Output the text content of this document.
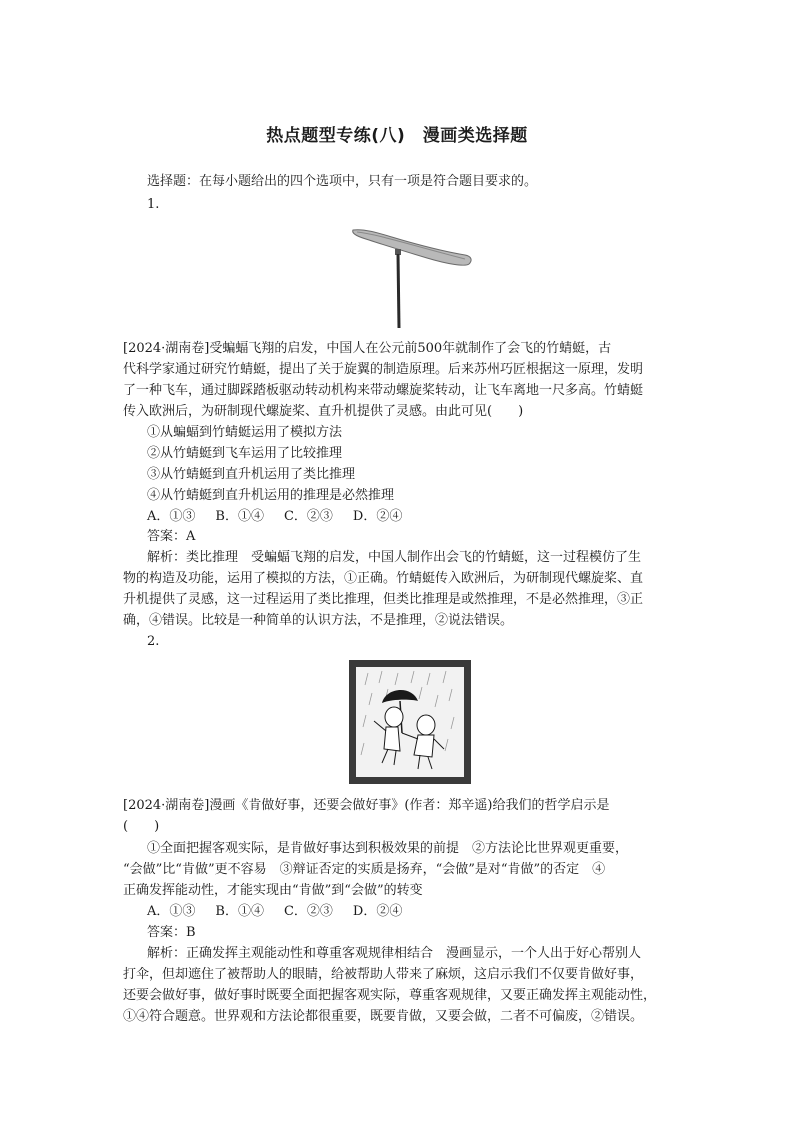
热点题型专练(八)　漫画类选择题
选择题：在每小题给出的四个选项中，只有一项是符合题目要求的。
1.
[2024·湖南卷]受蝙蝠飞翔的启发，中国人在公元前500年就制作了会飞的竹蜻蜓，古
代科学家通过研究竹蜻蜓，提出了关于旋翼的制造原理。后来苏州巧匠根据这一原理，发明
了一种飞车，通过脚踩踏板驱动转动机构来带动螺旋桨转动，让飞车离地一尺多高。竹蜻蜓
传入欧洲后，为研制现代螺旋桨、直升机提供了灵感。由此可见(　　)
①从蝙蝠到竹蜻蜓运用了模拟方法
②从竹蜻蜓到飞车运用了比较推理
③从竹蜻蜓到直升机运用了类比推理
④从竹蜻蜓到直升机运用的推理是必然推理
A．①③ B．①④ C．②③ D．②④
答案：A
解析：类比推理　受蝙蝠飞翔的启发，中国人制作出会飞的竹蜻蜓，这一过程模仿了生
物的构造及功能，运用了模拟的方法，①正确。竹蜻蜓传入欧洲后，为研制现代螺旋桨、直
升机提供了灵感，这一过程运用了类比推理，但类比推理是或然推理，不是必然推理，③正
确，④错误。比较是一种简单的认识方法，不是推理，②说法错误。
2.
[2024·湖南卷]漫画《肯做好事，还要会做好事》(作者：郑辛遥)给我们的哲学启示是
(　　)
①全面把握客观实际，是肯做好事达到积极效果的前提　②方法论比世界观更重要，
“会做”比“肯做”更不容易　③辩证否定的实质是扬弃，“会做”是对“肯做”的否定　④
正确发挥能动性，才能实现由“肯做”到“会做”的转变
A．①③ B．①④ C．②③ D．②④
答案：B
解析：正确发挥主观能动性和尊重客观规律相结合　漫画显示，一个人出于好心帮别人
打伞，但却遮住了被帮助人的眼睛，给被帮助人带来了麻烦，这启示我们不仅要肯做好事，
还要会做好事，做好事时既要全面把握客观实际，尊重客观规律，又要正确发挥主观能动性，
①④符合题意。世界观和方法论都很重要，既要肯做，又要会做，二者不可偏废，②错误。
